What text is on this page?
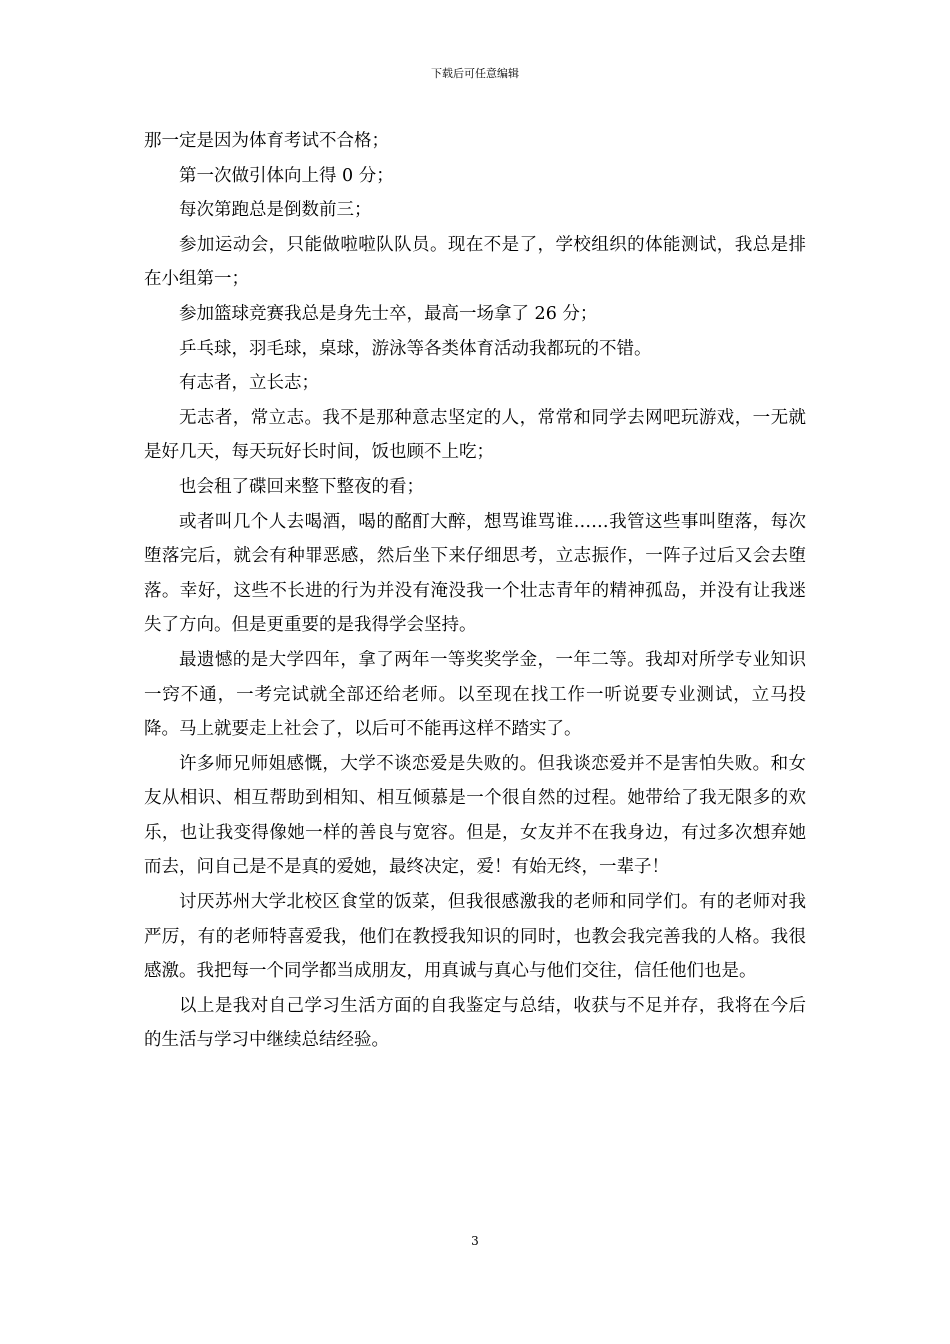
下载后可任意编辑

那一定是因为体育考试不合格；

第一次做引体向上得 0 分；

每次第跑总是倒数前三；

参加运动会，只能做啦啦队队员。现在不是了，学校组织的体能测试，我总是排在小组第一；

参加篮球竞赛我总是身先士卒，最高一场拿了 26 分；

乒乓球，羽毛球，桌球，游泳等各类体育活动我都玩的不错。

有志者，立长志；

无志者，常立志。我不是那种意志坚定的人，常常和同学去网吧玩游戏，一无就是好几天，每天玩好长时间，饭也顾不上吃；

也会租了碟回来整下整夜的看；

或者叫几个人去喝酒，喝的酩酊大醉，想骂谁骂谁……我管这些事叫堕落，每次堕落完后，就会有种罪恶感，然后坐下来仔细思考，立志振作，一阵子过后又会去堕落。幸好，这些不长进的行为并没有淹没我一个壮志青年的精神孤岛，并没有让我迷失了方向。但是更重要的是我得学会坚持。

最遗憾的是大学四年，拿了两年一等奖奖学金，一年二等。我却对所学专业知识一窍不通，一考完试就全部还给老师。以至现在找工作一听说要专业测试，立马投降。马上就要走上社会了，以后可不能再这样不踏实了。

许多师兄师姐感慨，大学不谈恋爱是失败的。但我谈恋爱并不是害怕失败。和女友从相识、相互帮助到相知、相互倾慕是一个很自然的过程。她带给了我无限多的欢乐，也让我变得像她一样的善良与宽容。但是，女友并不在我身边，有过多次想弃她而去，问自己是不是真的爱她，最终决定，爱！有始无终，一辈子！

讨厌苏州大学北校区食堂的饭菜，但我很感激我的老师和同学们。有的老师对我严厉，有的老师特喜爱我，他们在教授我知识的同时，也教会我完善我的人格。我很感激。我把每一个同学都当成朋友，用真诚与真心与他们交往，信任他们也是。

以上是我对自己学习生活方面的自我鉴定与总结，收获与不足并存，我将在今后的生活与学习中继续总结经验。

3
